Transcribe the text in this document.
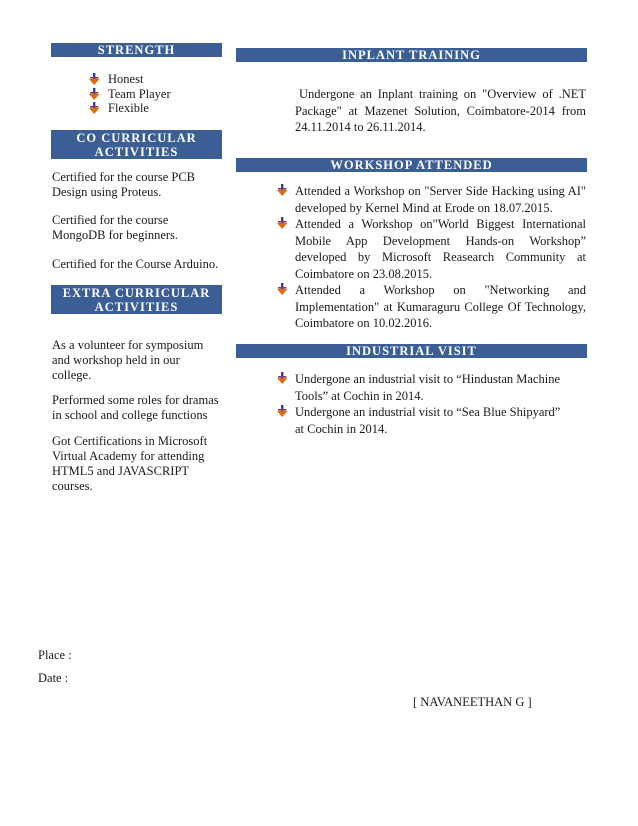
STRENGTH
Honest
Team Player
Flexible
CO CURRICULAR
ACTIVITIES
Certified for the course PCB Design using Proteus.
Certified for the course MongoDB for beginners.
Certified for the Course Arduino.
EXTRA CURRICULAR
ACTIVITIES
As a volunteer for symposium and workshop held in our college.
Performed some roles for dramas in school and college functions
Got Certifications in Microsoft Virtual Academy for attending HTML5 and JAVASCRIPT courses.
INPLANT TRAINING
Undergone an Inplant training on "Overview of .NET Package" at Mazenet Solution, Coimbatore-2014 from 24.11.2014 to 26.11.2014.
WORKSHOP ATTENDED
Attended a Workshop on "Server Side Hacking using AI" developed by Kernel Mind at Erode on 18.07.2015.
Attended a Workshop on"World Biggest International Mobile App Development Hands-on Workshop” developed by Microsoft Reasearch Community at Coimbatore on 23.08.2015.
Attended a Workshop on "Networking and Implementation" at Kumaraguru College Of Technology, Coimbatore on 10.02.2016.
INDUSTRIAL VISIT
Undergone an industrial visit to “Hindustan Machine Tools” at Cochin in 2014.
Undergone an industrial visit to “Sea Blue Shipyard” at Cochin in 2014.
Place :
Date :
[ NAVANEETHAN G ]
